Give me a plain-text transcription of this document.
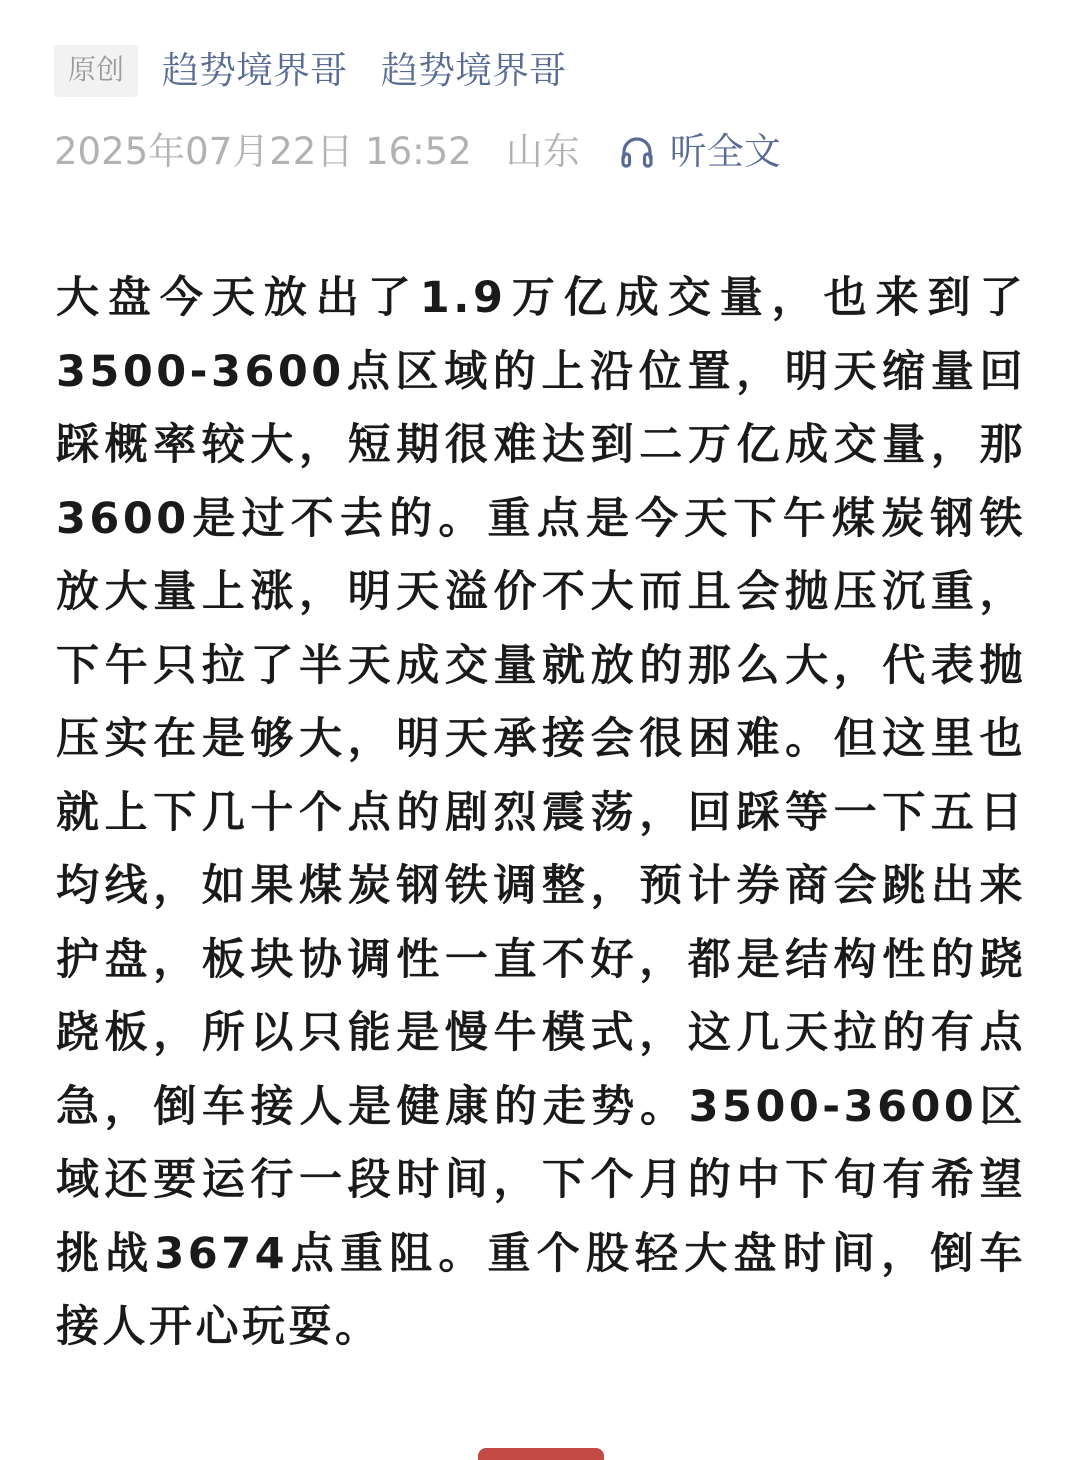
原创	趋势境界哥 趋势境界哥
2025年07月22日 16:52 山东 听全文

大盘今天放出了1.9万亿成交量，也来到了3500-3600点区域的上沿位置，明天缩量回踩概率较大，短期很难达到二万亿成交量，那3600是过不去的。重点是今天下午煤炭钢铁放大量上涨，明天溢价不大而且会抛压沉重，下午只拉了半天成交量就放的那么大，代表抛压实在是够大，明天承接会很困难。但这里也就上下几十个点的剧烈震荡，回踩等一下五日均线，如果煤炭钢铁调整，预计券商会跳出来护盘，板块协调性一直不好，都是结构性的跷跷板，所以只能是慢牛模式，这几天拉的有点急，倒车接人是健康的走势。3500-3600区域还要运行一段时间，下个月的中下旬有希望挑战3674点重阻。重个股轻大盘时间，倒车接人开心玩耍。
